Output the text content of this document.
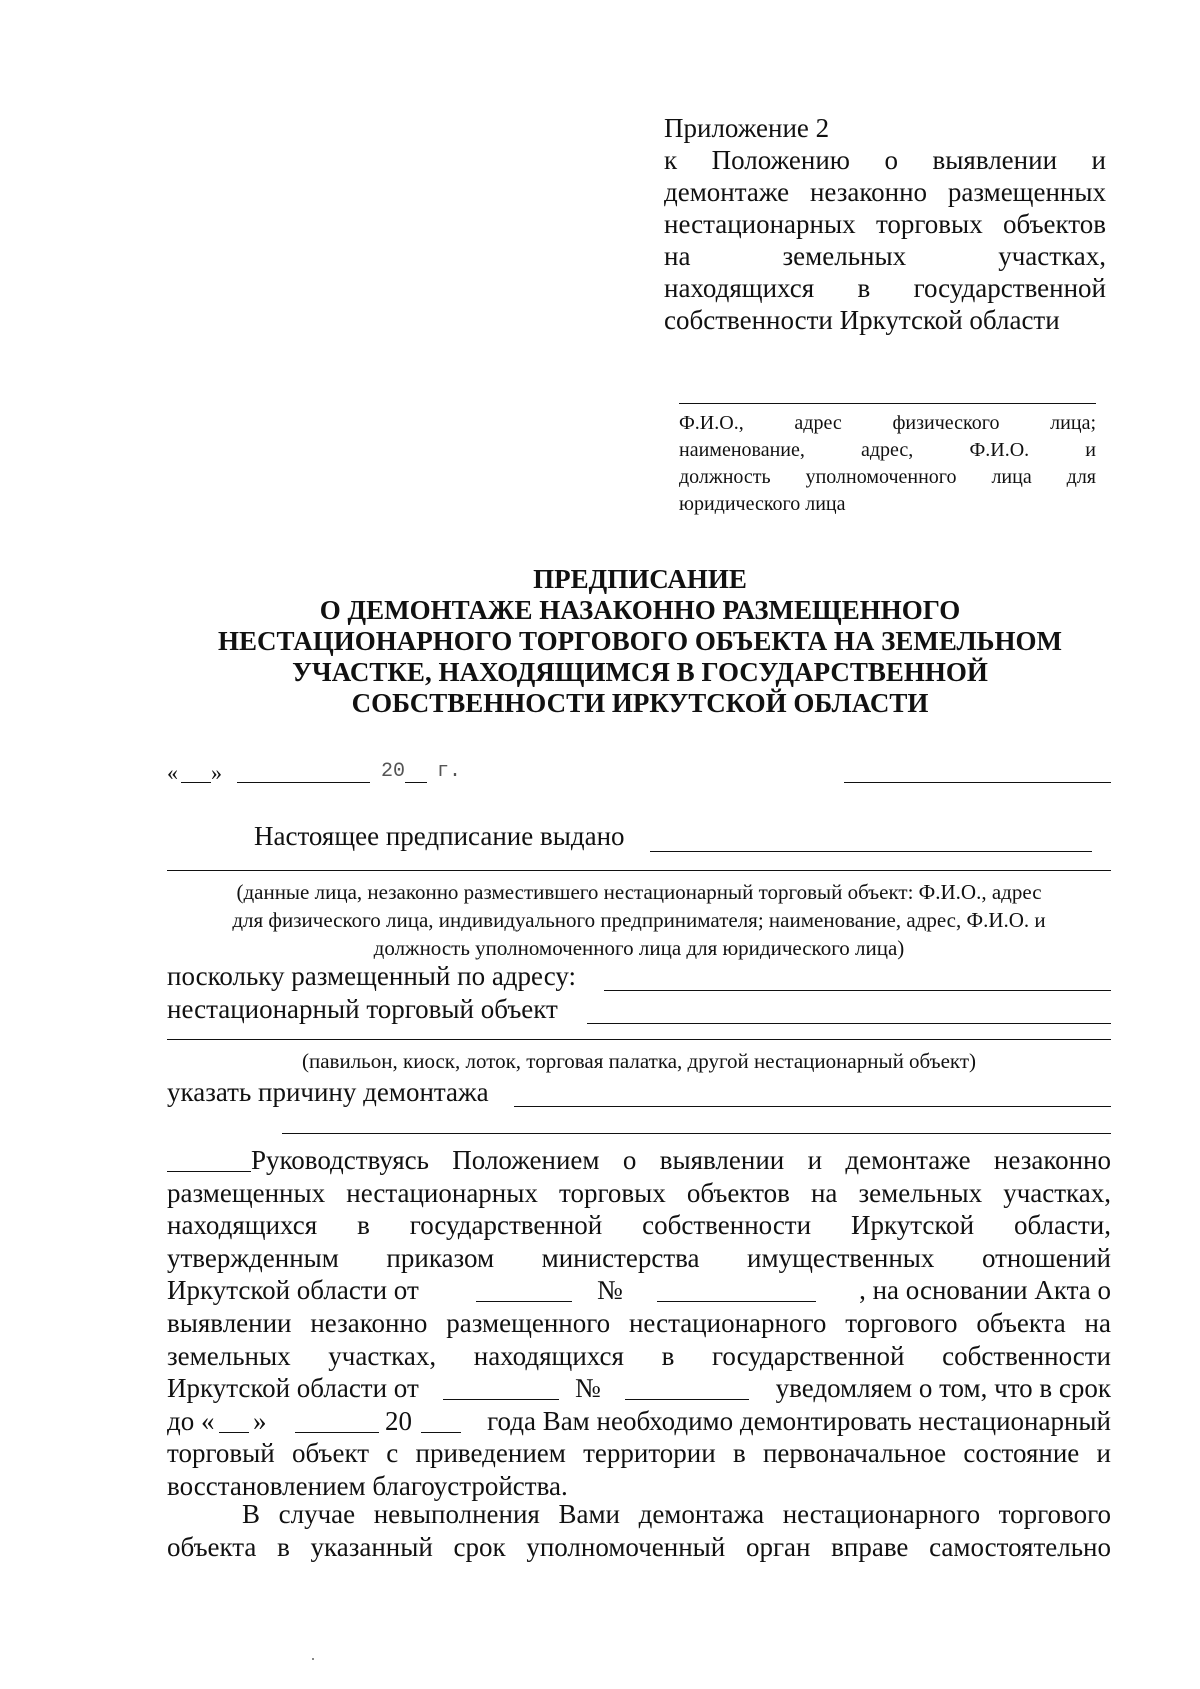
Приложение 2
к Положению о выявлении и
демонтаже незаконно размещенных
нестационарных торговых объектов
на земельных участках,
находящихся в государственной
собственности Иркутской области
Ф.И.О., адрес физического лица;
наименование, адрес, Ф.И.О. и
должность уполномоченного лица для
юридического лица
ПРЕДПИСАНИЕ
О ДЕМОНТАЖЕ НАЗАКОННО РАЗМЕЩЕННОГО
НЕСТАЦИОНАРНОГО ТОРГОВОГО ОБЪЕКТА НА ЗЕМЕЛЬНОМ
УЧАСТКЕ, НАХОДЯЩИМСЯ В ГОСУДАРСТВЕННОЙ
СОБСТВЕННОСТИ ИРКУТСКОЙ ОБЛАСТИ
« »	20 г.
Настоящее предписание выдано
(данные лица, незаконно разместившего нестационарный торговый объект: Ф.И.О., адрес
для физического лица, индивидуального предпринимателя; наименование, адрес, Ф.И.О. и
должность уполномоченного лица для юридического лица)
поскольку размещенный по адресу:
нестационарный торговый объект
(павильон, киоск, лоток, торговая палатка, другой нестационарный объект)
указать причину демонтажа
Руководствуясь Положением о выявлении и демонтаже незаконно
размещенных нестационарных торговых объектов на земельных участках,
находящихся в государственной собственности Иркутской области,
утвержденным приказом министерства имущественных отношений
Иркутской области от	№	, на основании Акта о
выявлении незаконно размещенного нестационарного торгового объекта на
земельных участках, находящихся в государственной собственности
Иркутской области от	№	уведомляем о том, что в срок
до « »	20	года Вам необходимо демонтировать нестационарный
торговый объект с приведением территории в первоначальное состояние и
восстановлением благоустройства.
В случае невыполнения Вами демонтажа нестационарного торгового
объекта в указанный срок уполномоченный орган вправе самостоятельно
